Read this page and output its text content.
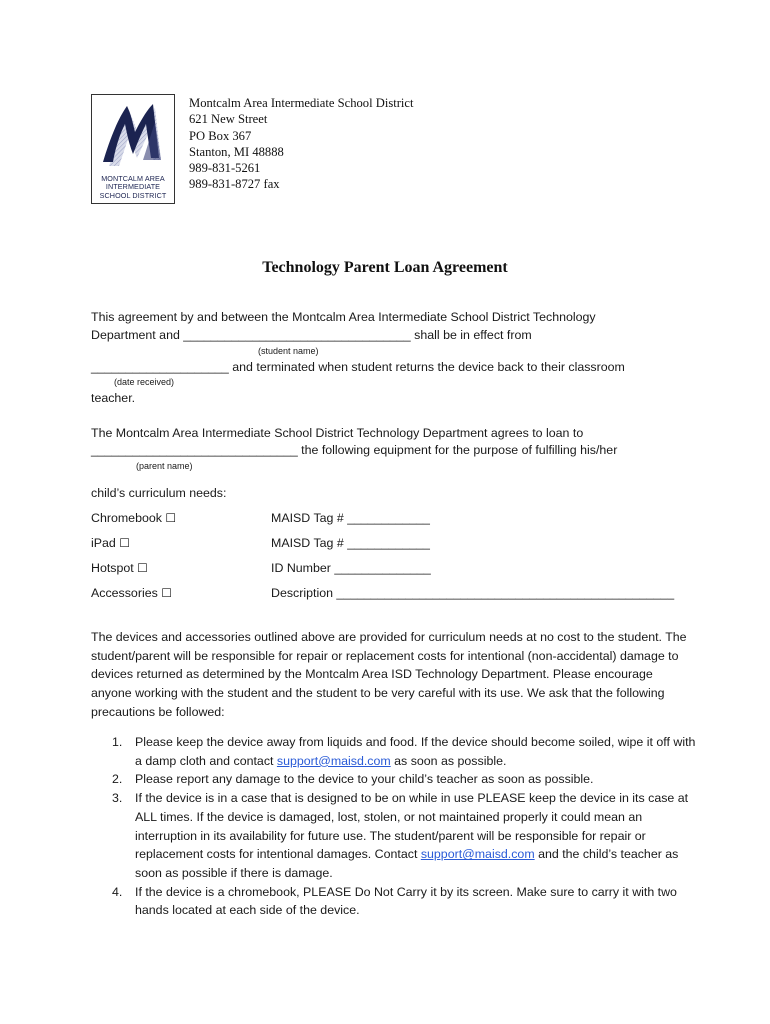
MONTCALM AREA
INTERMEDIATE
SCHOOL DISTRICT
Montcalm Area Intermediate School District
621 New Street
PO Box 367
Stanton, MI 48888
989-831-5261
989-831-8727 fax
Technology Parent Loan Agreement
This agreement by and between the Montcalm Area Intermediate School District Technology
Department and _________________________________ shall be in effect from
(student name)
____________________ and terminated when student returns the device back to their classroom
(date received)
teacher.
The Montcalm Area Intermediate School District Technology Department agrees to loan to
______________________________ the following equipment for the purpose of fulfilling his/her
(parent name)
child’s curriculum needs:
Chromebook ☐	MAISD Tag # ____________
iPad ☐	MAISD Tag # ____________
Hotspot ☐	ID Number ______________
Accessories ☐	Description _________________________________________________
The devices and accessories outlined above are provided for curriculum needs at no cost to the student. The student/parent will be responsible for repair or replacement costs for intentional (non-accidental) damage to devices returned as determined by the Montcalm Area ISD Technology Department. Please encourage anyone working with the student and the student to be very careful with its use. We ask that the following precautions be followed:
1. Please keep the device away from liquids and food. If the device should become soiled, wipe it off with a damp cloth and contact support@maisd.com as soon as possible.
2. Please report any damage to the device to your child’s teacher as soon as possible.
3. If the device is in a case that is designed to be on while in use PLEASE keep the device in its case at ALL times. If the device is damaged, lost, stolen, or not maintained properly it could mean an interruption in its availability for future use. The student/parent will be responsible for repair or replacement costs for intentional damages. Contact support@maisd.com and the child’s teacher as soon as possible if there is damage.
4. If the device is a chromebook, PLEASE Do Not Carry it by its screen. Make sure to carry it with two hands located at each side of the device.
